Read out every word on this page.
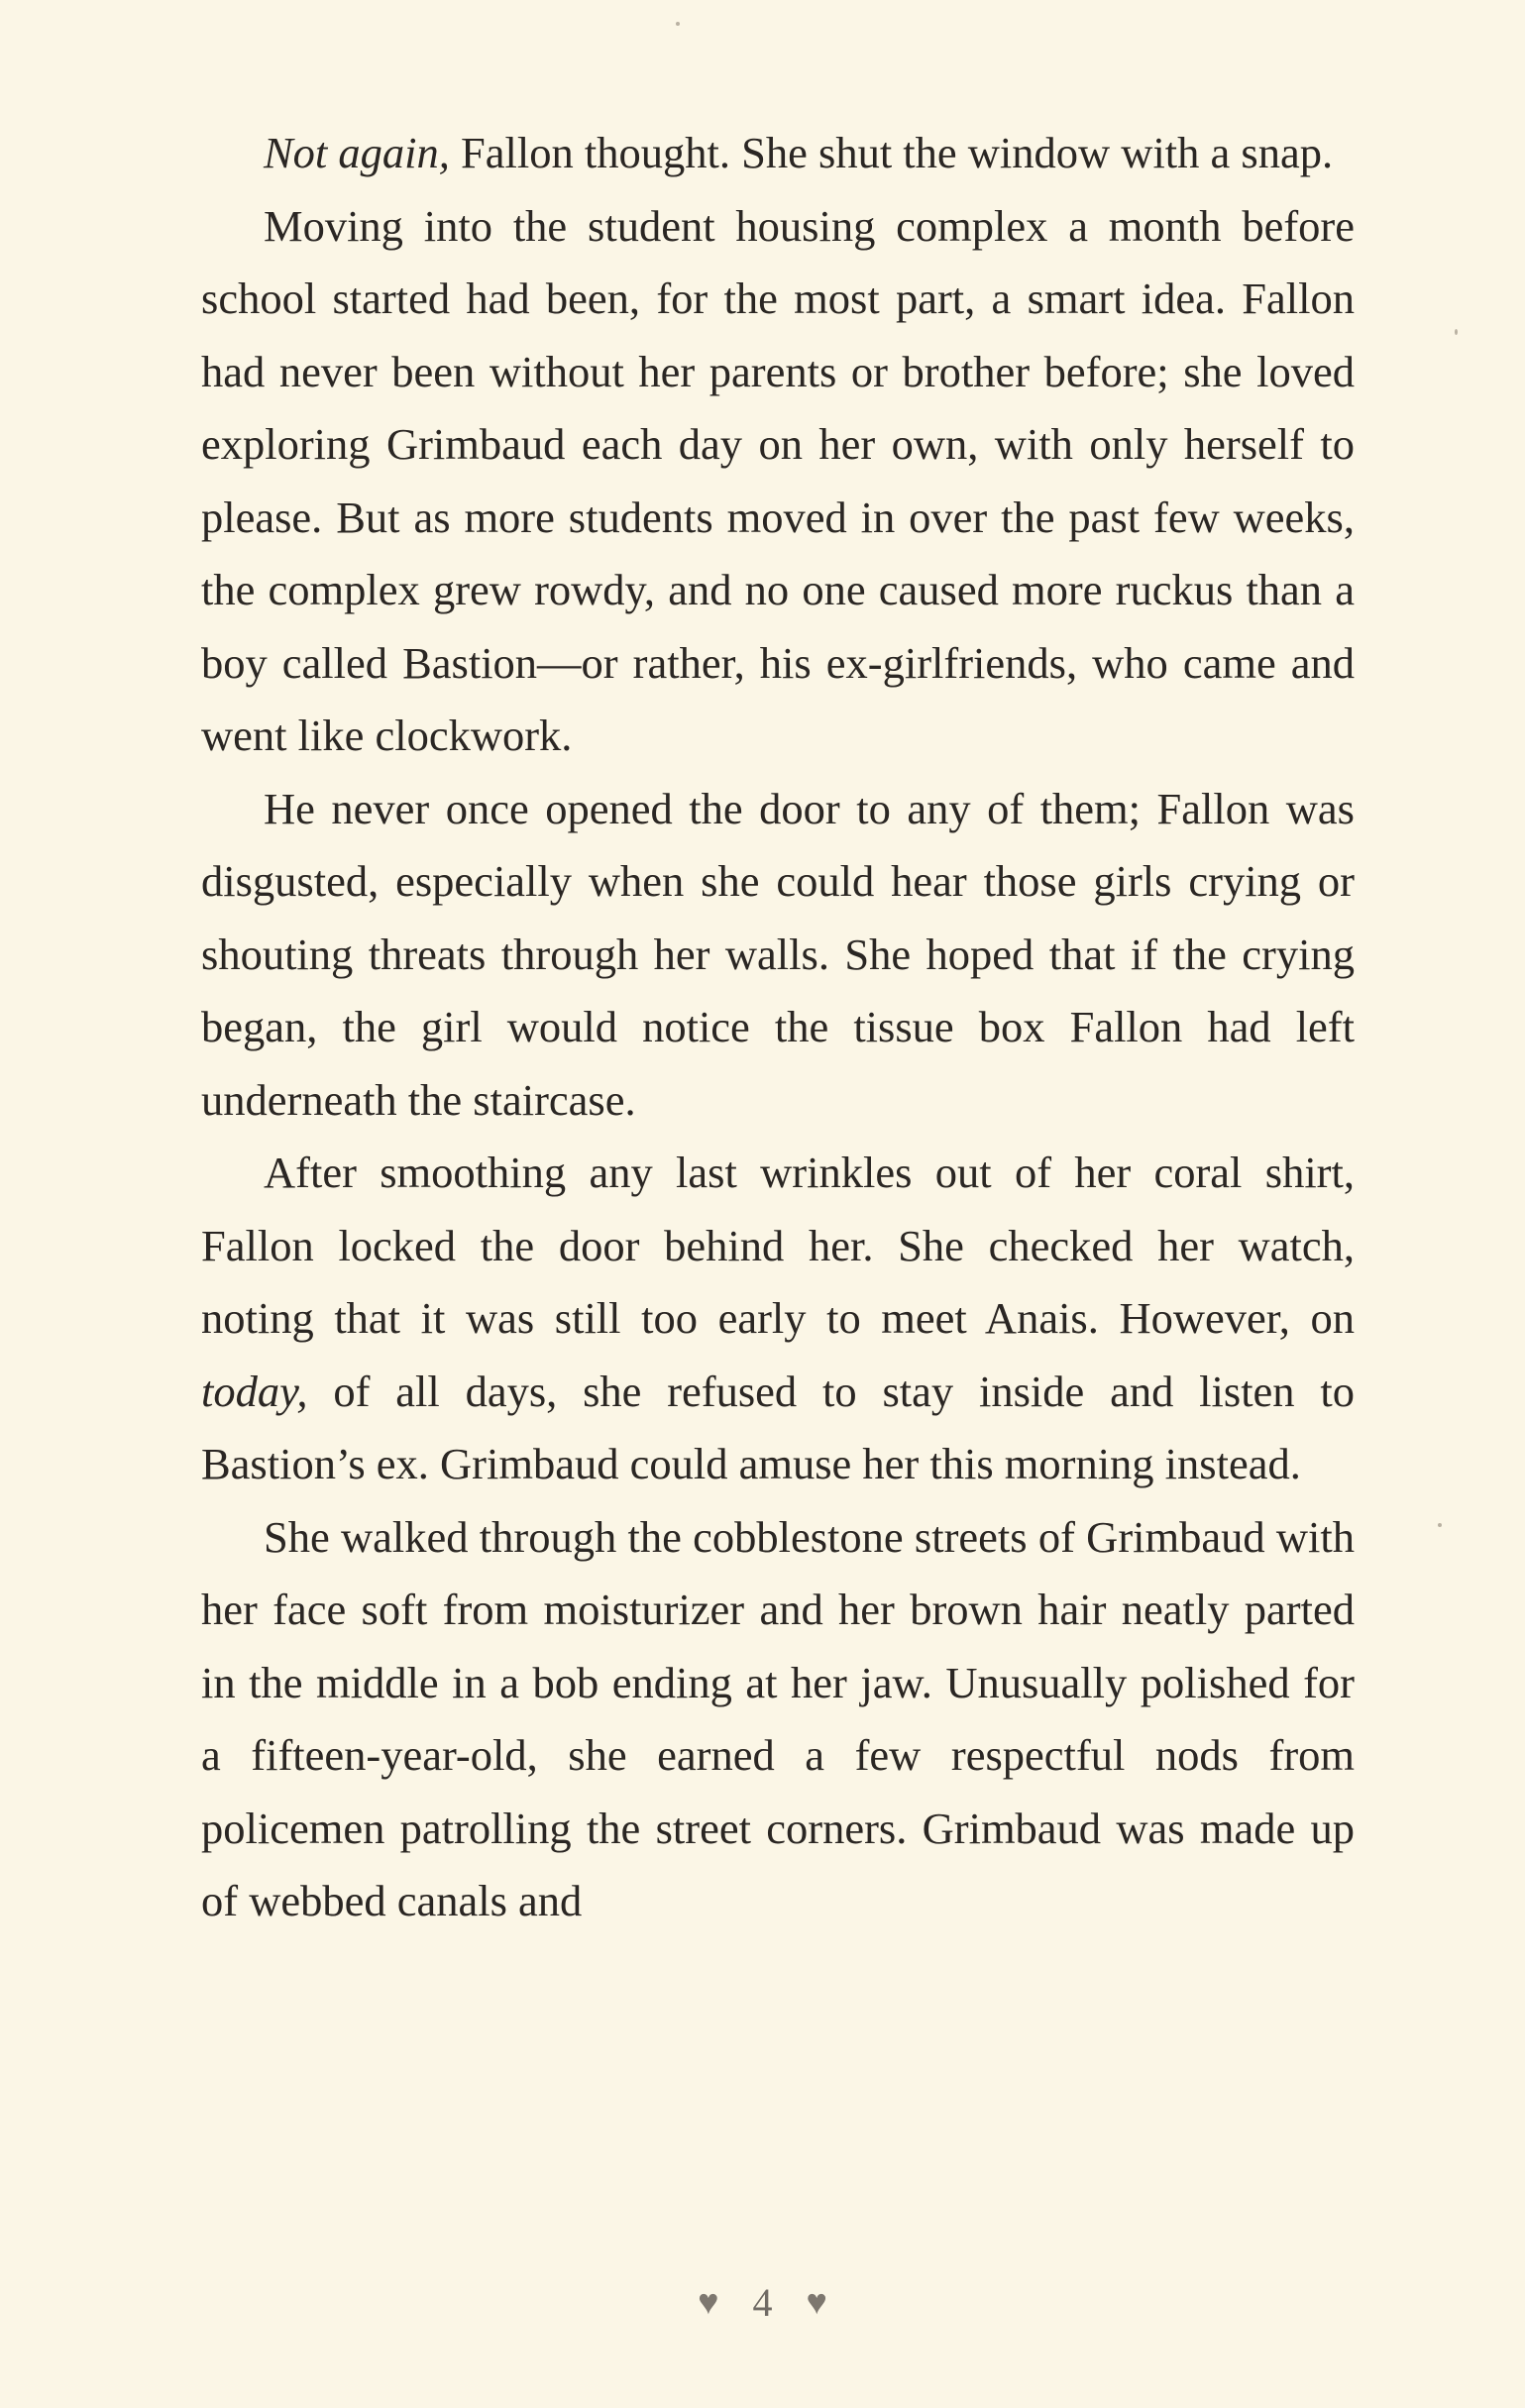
Not again, Fallon thought. She shut the window with a snap.

Moving into the student housing complex a month before school started had been, for the most part, a smart idea. Fallon had never been without her parents or brother before; she loved exploring Grimbaud each day on her own, with only herself to please. But as more students moved in over the past few weeks, the complex grew rowdy, and no one caused more ruckus than a boy called Bastion—or rather, his ex-girlfriends, who came and went like clockwork.

He never once opened the door to any of them; Fallon was disgusted, especially when she could hear those girls crying or shouting threats through her walls. She hoped that if the crying began, the girl would notice the tissue box Fallon had left underneath the staircase.

After smoothing any last wrinkles out of her coral shirt, Fallon locked the door behind her. She checked her watch, noting that it was still too early to meet Anais. However, on today, of all days, she refused to stay inside and listen to Bastion’s ex. Grimbaud could amuse her this morning instead.

She walked through the cobblestone streets of Grimbaud with her face soft from moisturizer and her brown hair neatly parted in the middle in a bob ending at her jaw. Unusually polished for a fifteen-year-old, she earned a few respectful nods from policemen patrolling the street corners. Grimbaud was made up of webbed canals and

♥ 4 ♥
